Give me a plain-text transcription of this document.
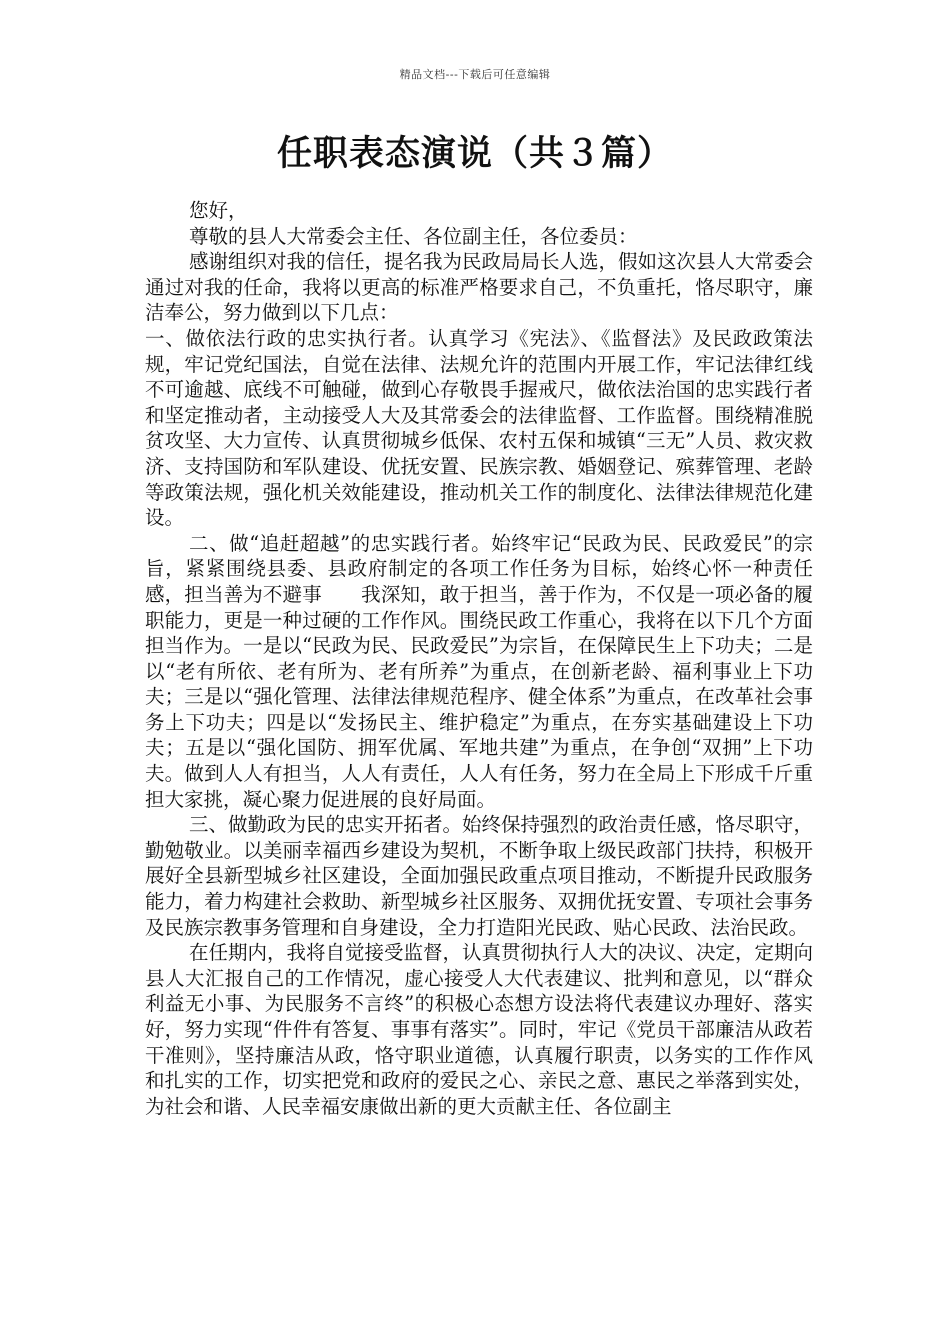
精品文档---下载后可任意编辑
任职表态演说（共３篇）

您好，

尊敬的县人大常委会主任、各位副主任，各位委员：

感谢组织对我的信任，提名我为民政局局长人选，假如这次县人大常委会通过对我的任命，我将以更高的标准严格要求自己，不负重托，恪尽职守，廉洁奉公，努力做到以下几点：

一、做依法行政的忠实执行者。认真学习《宪法》、《监督法》及民政政策法规，牢记党纪国法，自觉在法律、法规允许的范围内开展工作，牢记法律红线不可逾越、底线不可触碰，做到心存敬畏手握戒尺，做依法治国的忠实践行者和坚定推动者，主动接受人大及其常委会的法律监督、工作监督。围绕精准脱贫攻坚、大力宣传、认真贯彻城乡低保、农村五保和城镇“三无”人员、救灾救济、支持国防和军队建设、优抚安置、民族宗教、婚姻登记、殡葬管理、老龄等政策法规，强化机关效能建设，推动机关工作的制度化、法律法律规范化建设。

二、做“追赶超越”的忠实践行者。始终牢记“民政为民、民政爱民”的宗旨，紧紧围绕县委、县政府制定的各项工作任务为目标，始终心怀一种责任感，担当善为不避事　　我深知，敢于担当，善于作为，不仅是一项必备的履职能力，更是一种过硬的工作作风。围绕民政工作重心，我将在以下几个方面担当作为。一是以“民政为民、民政爱民”为宗旨，在保障民生上下功夫；二是以“老有所依、老有所为、老有所养”为重点，在创新老龄、福利事业上下功夫；三是以“强化管理、法律法律规范程序、健全体系”为重点，在改革社会事务上下功夫；四是以“发扬民主、维护稳定”为重点，在夯实基础建设上下功夫；五是以“强化国防、拥军优属、军地共建”为重点，在争创“双拥”上下功夫。做到人人有担当，人人有责任，人人有任务，努力在全局上下形成千斤重担大家挑，凝心聚力促进展的良好局面。

三、做勤政为民的忠实开拓者。始终保持强烈的政治责任感，恪尽职守，勤勉敬业。以美丽幸福西乡建设为契机，不断争取上级民政部门扶持，积极开展好全县新型城乡社区建设，全面加强民政重点项目推动，不断提升民政服务能力，着力构建社会救助、新型城乡社区服务、双拥优抚安置、专项社会事务及民族宗教事务管理和自身建设，全力打造阳光民政、贴心民政、法治民政。

在任期内，我将自觉接受监督，认真贯彻执行人大的决议、决定，定期向县人大汇报自己的工作情况，虚心接受人大代表建议、批判和意见，以“群众利益无小事、为民服务不言终”的积极心态想方设法将代表建议办理好、落实好，努力实现“件件有答复、事事有落实”。同时，牢记《党员干部廉洁从政若干准则》，坚持廉洁从政，恪守职业道德，认真履行职责，以务实的工作作风和扎实的工作，切实把党和政府的爱民之心、亲民之意、惠民之举落到实处，为社会和谐、人民幸福安康做出新的更大贡献主任、各位副主
